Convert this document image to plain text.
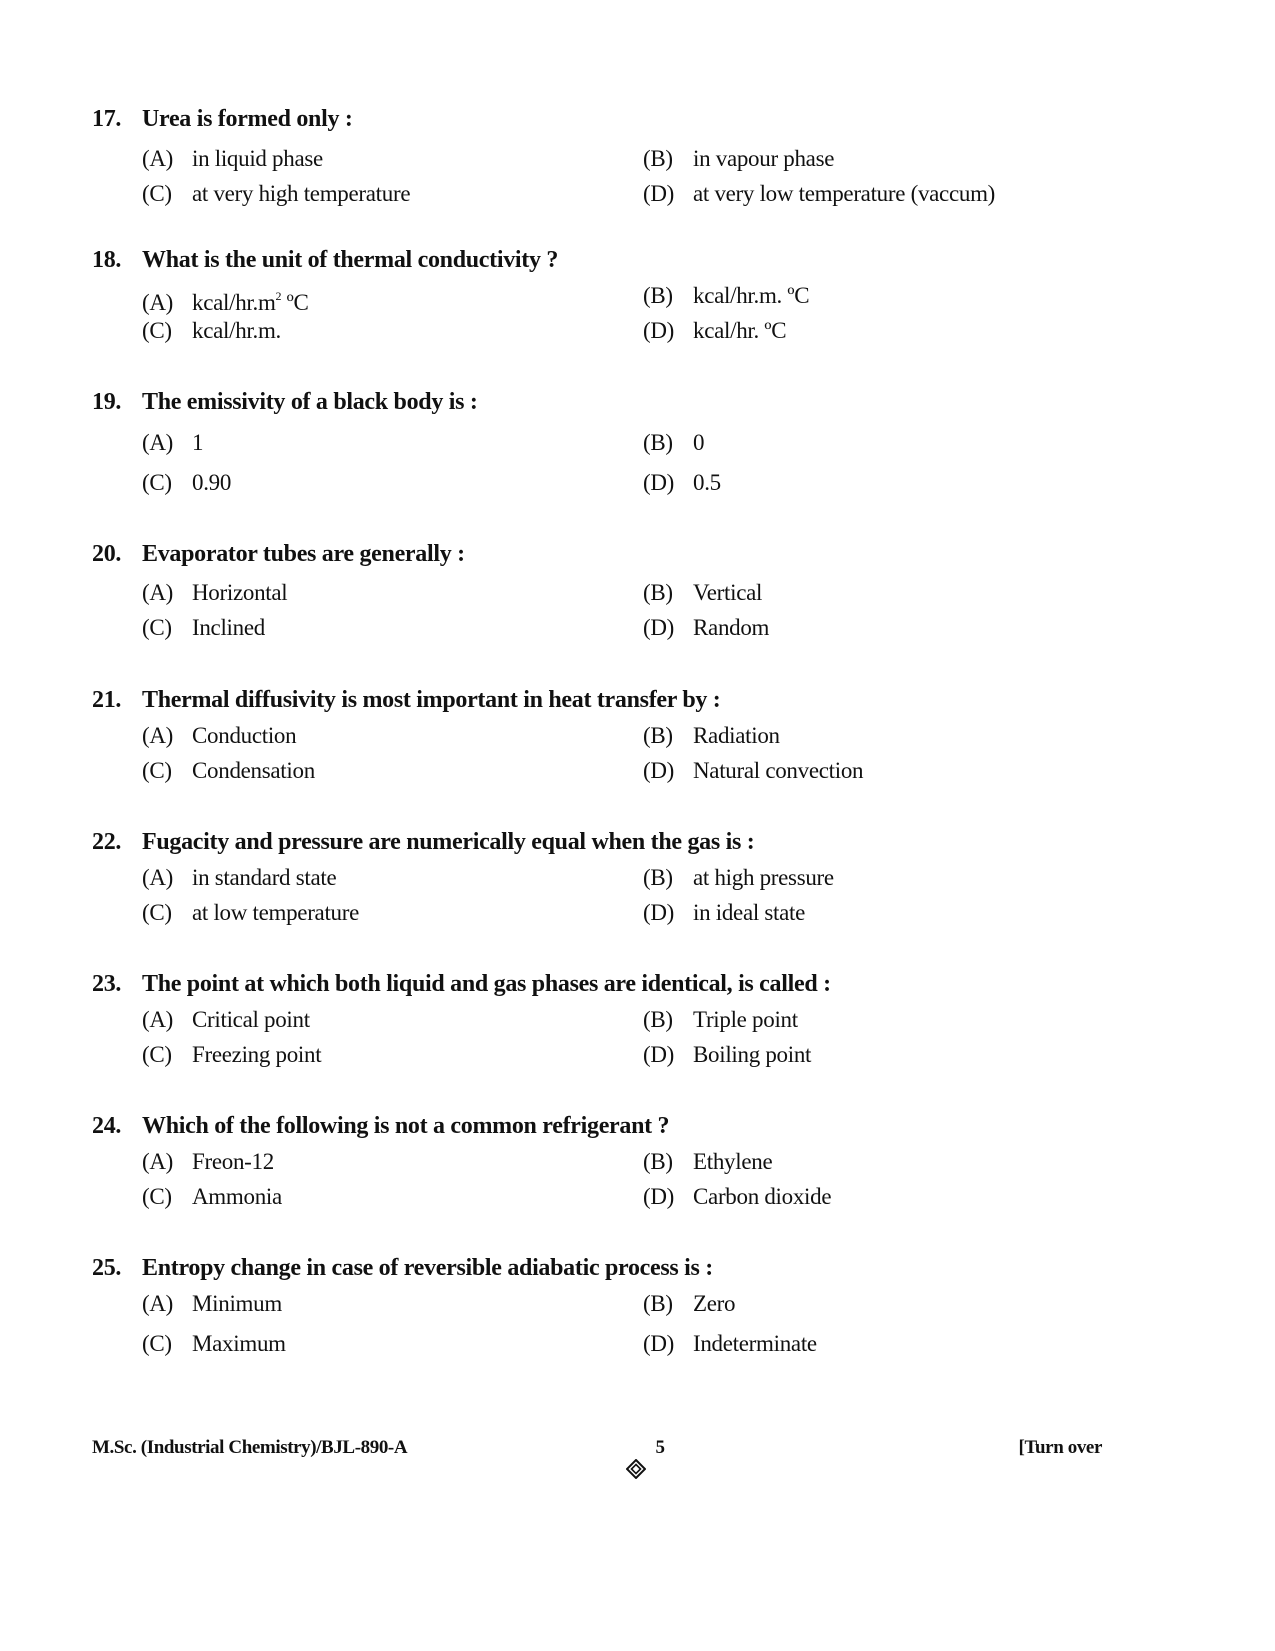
17. Urea is formed only :
(A) in liquid phase	(B) in vapour phase
(C) at very high temperature	(D) at very low temperature (vaccum)
18. What is the unit of thermal conductivity ?
(A) kcal/$hr.m^2$ ºC	(B) kcal/hr.m. ºC
(C) kcal/hr.m.	(D) kcal/hr. ºC
19. The emissivity of a black body is :
(A) 1	(B) 0
(C) 0.90	(D) 0.5
20. Evaporator tubes are generally :
(A) Horizontal	(B) Vertical
(C) Inclined	(D) Random
21. Thermal diffusivity is most important in heat transfer by :
(A) Conduction	(B) Radiation
(C) Condensation	(D) Natural convection
22. Fugacity and pressure are numerically equal when the gas is :
(A) in standard state	(B) at high pressure
(C) at low temperature	(D) in ideal state
23. The point at which both liquid and gas phases are identical, is called :
(A) Critical point	(B) Triple point
(C) Freezing point	(D) Boiling point
24. Which of the following is not a common refrigerant ?
(A) Freon-12	(B) Ethylene
(C) Ammonia	(D) Carbon dioxide
25. Entropy change in case of reversible adiabatic process is :
(A) Minimum	(B) Zero
(C) Maximum	(D) Indeterminate
M.Sc. (Industrial Chemistry)/BJL-890-A	5	[Turn over
